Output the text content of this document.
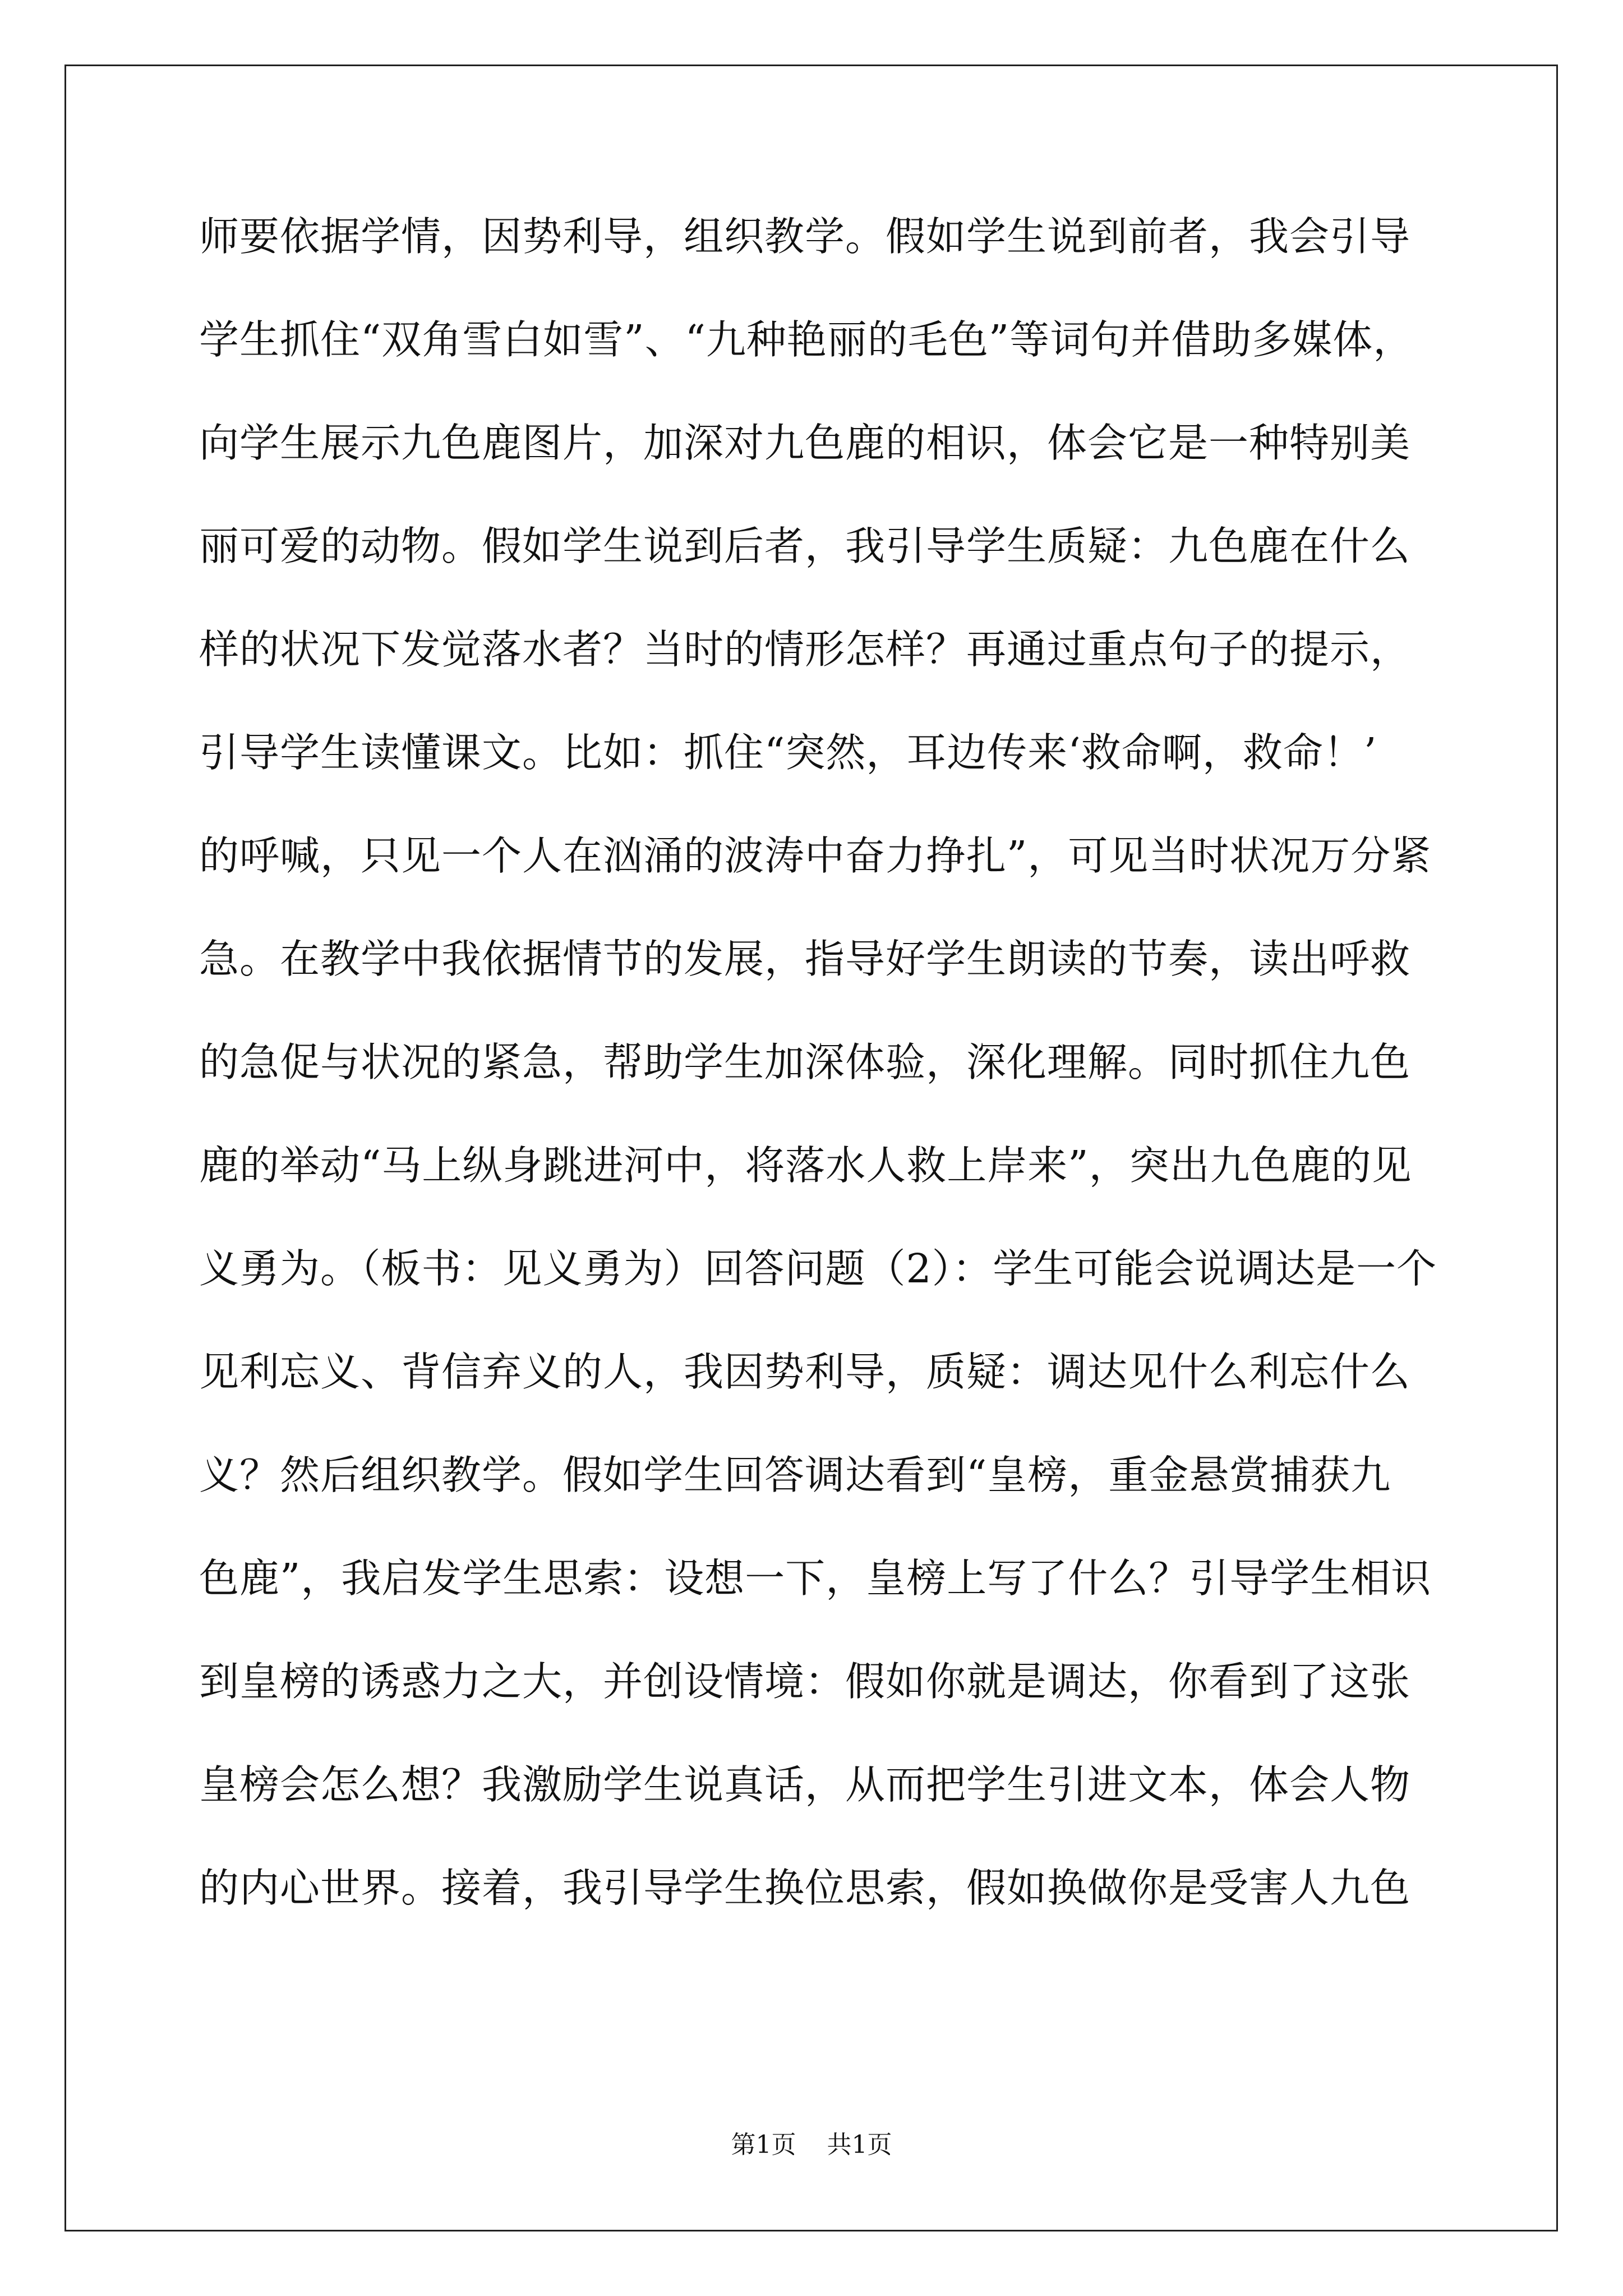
师要依据学情，因势利导，组织教学。假如学生说到前者，我会引导
学生抓住“双角雪白如雪”、“九种艳丽的毛色”等词句并借助多媒体，
向学生展示九色鹿图片，加深对九色鹿的相识，体会它是一种特别美
丽可爱的动物。假如学生说到后者，我引导学生质疑：九色鹿在什么
样的状况下发觉落水者？当时的情形怎样？再通过重点句子的提示，
引导学生读懂课文。比如：抓住“突然，耳边传来‘救命啊，救命！’
的呼喊，只见一个人在汹涌的波涛中奋力挣扎”，可见当时状况万分紧
急。在教学中我依据情节的发展，指导好学生朗读的节奏，读出呼救
的急促与状况的紧急，帮助学生加深体验，深化理解。同时抓住九色
鹿的举动“马上纵身跳进河中，将落水人救上岸来”，突出九色鹿的见
义勇为。（板书：见义勇为）回答问题（2）：学生可能会说调达是一个
见利忘义、背信弃义的人，我因势利导，质疑：调达见什么利忘什么
义？然后组织教学。假如学生回答调达看到“皇榜，重金悬赏捕获九
色鹿”，我启发学生思索：设想一下，皇榜上写了什么？引导学生相识
到皇榜的诱惑力之大，并创设情境：假如你就是调达，你看到了这张
皇榜会怎么想？我激励学生说真话，从而把学生引进文本，体会人物
的内心世界。接着，我引导学生换位思索，假如换做你是受害人九色
第1页 共1页
